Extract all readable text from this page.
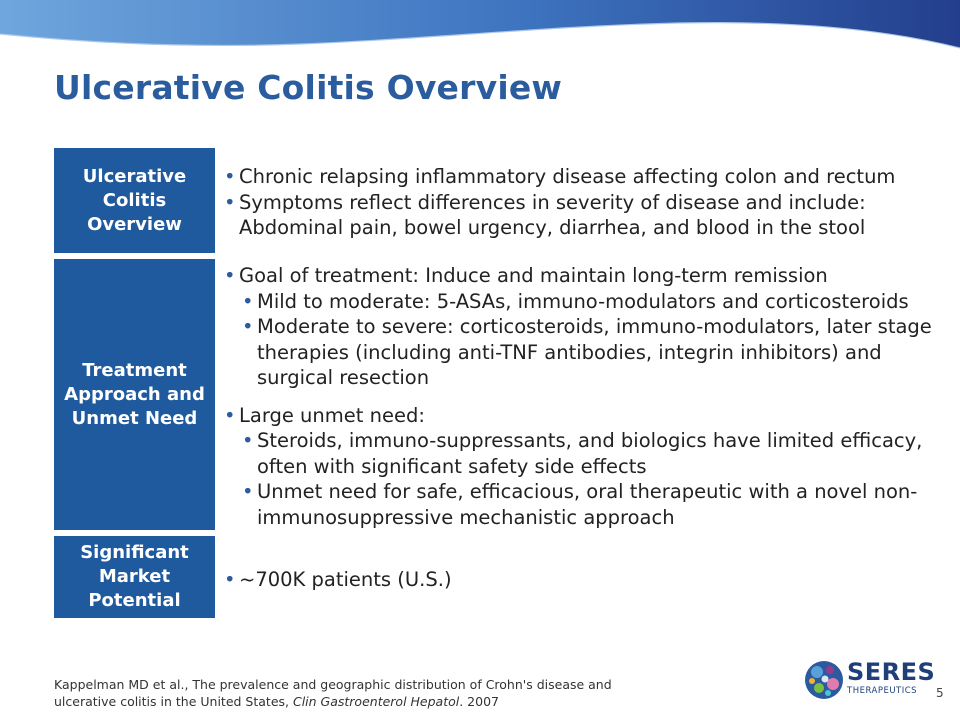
Ulcerative Colitis Overview
Ulcerative
Colitis
Overview
• Chronic relapsing inflammatory disease affecting colon and rectum
• Symptoms reflect differences in severity of disease and include: Abdominal pain, bowel urgency, diarrhea, and blood in the stool
Treatment
Approach and
Unmet Need
• Goal of treatment: Induce and maintain long-term remission
• Mild to moderate: 5-ASAs, immuno-modulators and corticosteroids
• Moderate to severe: corticosteroids, immuno-modulators, later stage therapies (including anti-TNF antibodies, integrin inhibitors) and surgical resection
• Large unmet need:
• Steroids, immuno-suppressants, and biologics have limited efficacy, often with significant safety side effects
• Unmet need for safe, efficacious, oral therapeutic with a novel non-immunosuppressive mechanistic approach
Significant
Market
Potential
• ~700K patients (U.S.)
Kappelman MD et al., The prevalence and geographic distribution of Crohn's disease and ulcerative colitis in the United States, Clin Gastroenterol Hepatol. 2007
SERES
THERAPEUTICS 5
